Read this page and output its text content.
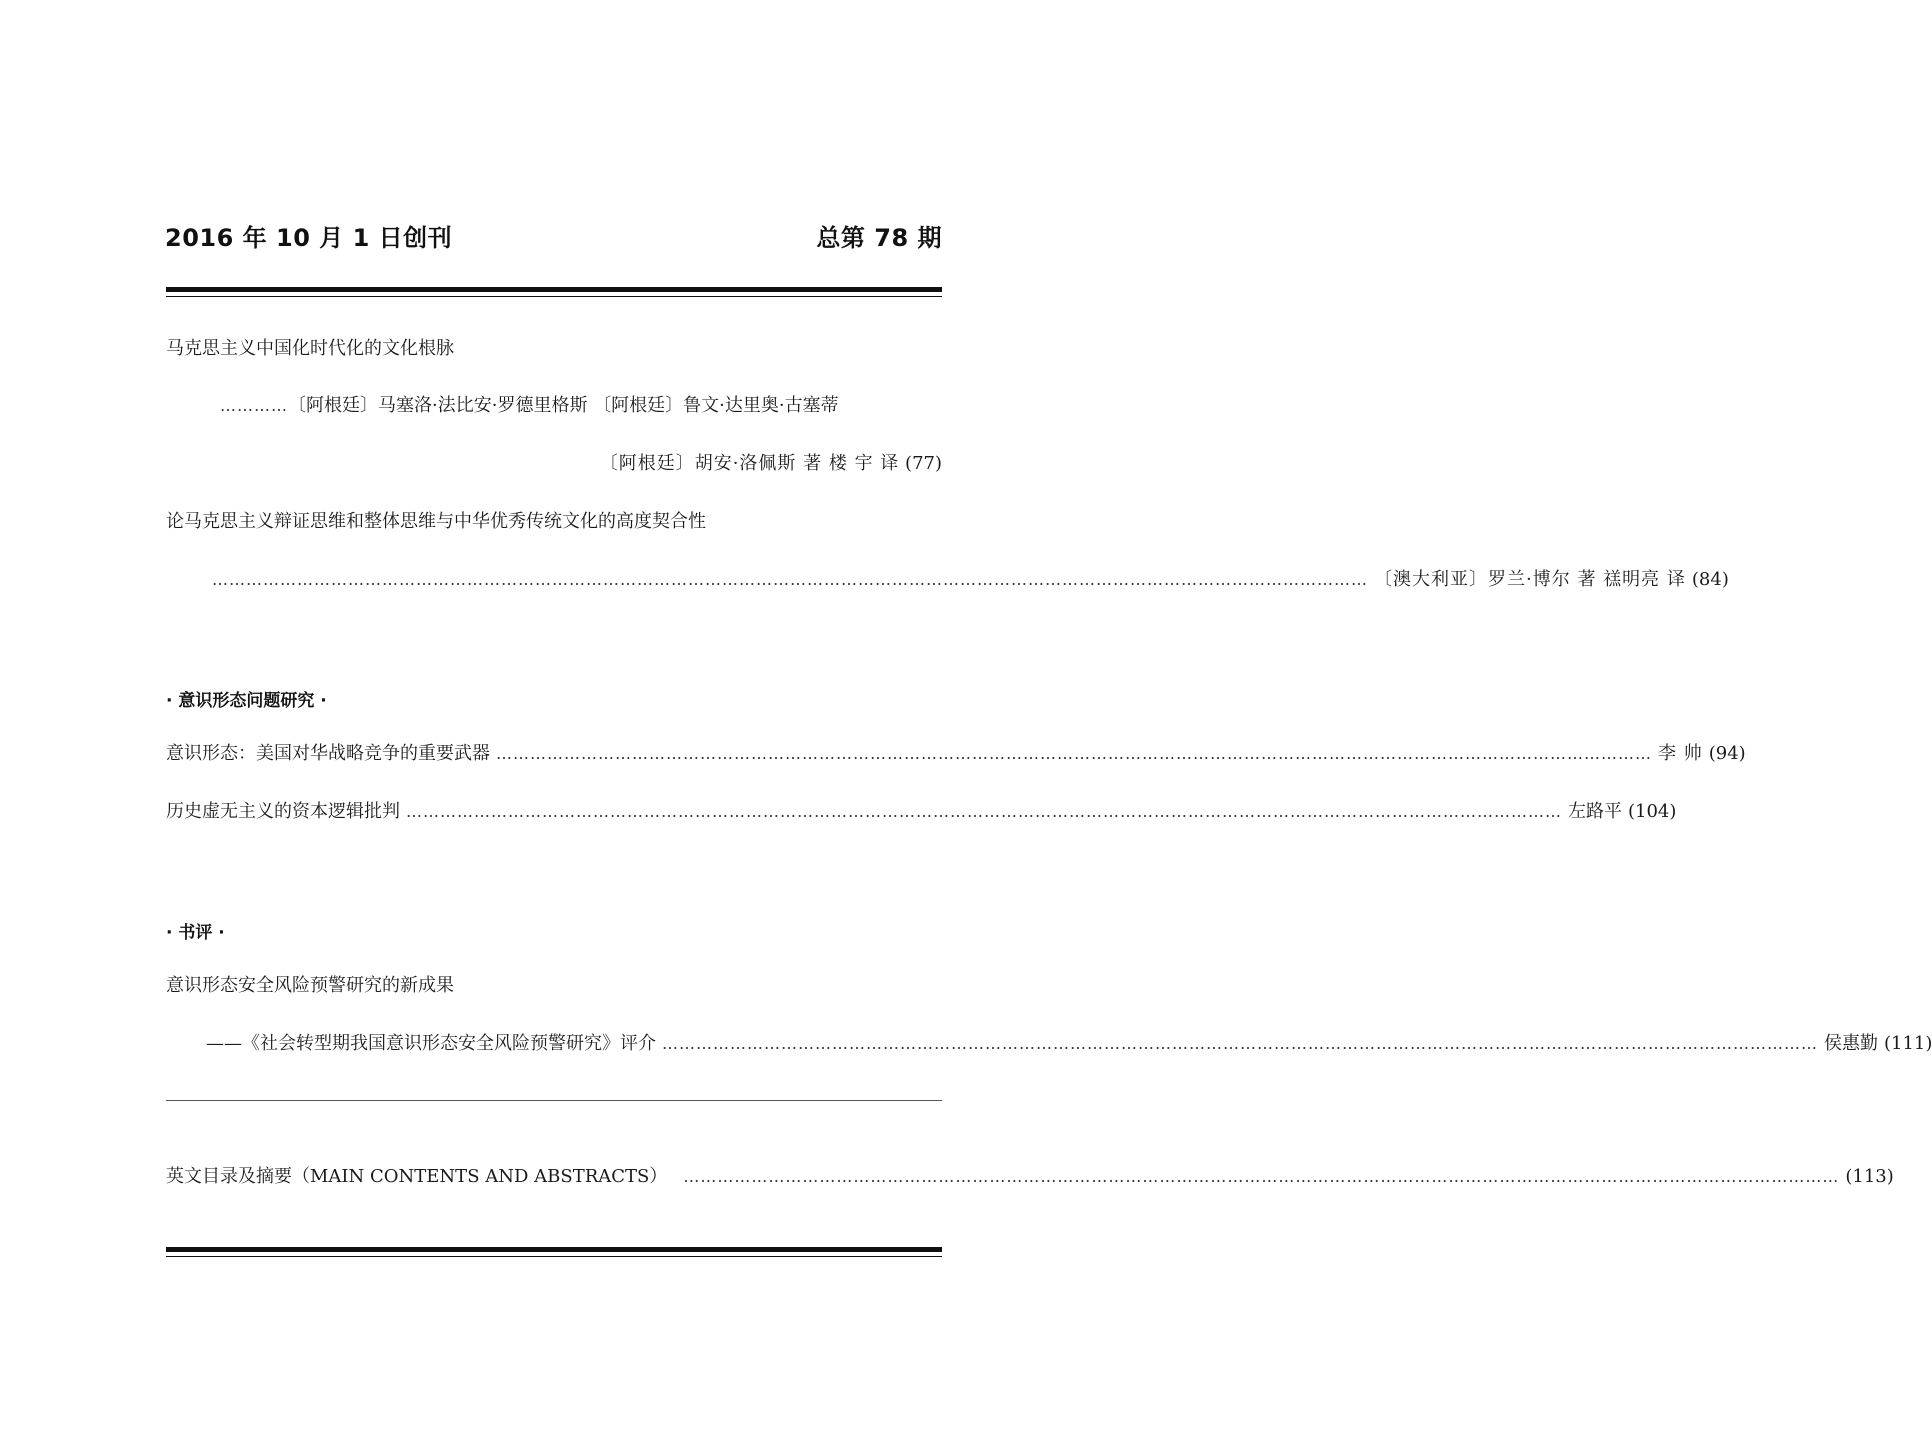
2016 年 10 月 1 日创刊	总第 78 期
马克思主义中国化时代化的文化根脉
…………〔阿根廷〕马塞洛·法比安·罗德里格斯 〔阿根廷〕鲁文·达里奥·古塞蒂
〔阿根廷〕胡安·洛佩斯 著 楼 宇 译 (77)
论马克思主义辩证思维和整体思维与中华优秀传统文化的高度契合性
…………………………………………………………………………………………………………………………………………………………………………………… 〔澳大利亚〕罗兰·博尔 著 禚明亮 译 (84)
· 意识形态问题研究 ·
意识形态：美国对华战略竞争的重要武器 …………………………………………………………………………………………………………………………………………………………………………………… 李 帅 (94)
历史虚无主义的资本逻辑批判 …………………………………………………………………………………………………………………………………………………………………………………… 左路平 (104)
· 书评 ·
意识形态安全风险预警研究的新成果
——《社会转型期我国意识形态安全风险预警研究》评介 …………………………………………………………………………………………………………………………………………………………………………………… 侯惠勤 (111)
英文目录及摘要（MAIN CONTENTS AND ABSTRACTS） …………………………………………………………………………………………………………………………………………………………………………………… (113)
